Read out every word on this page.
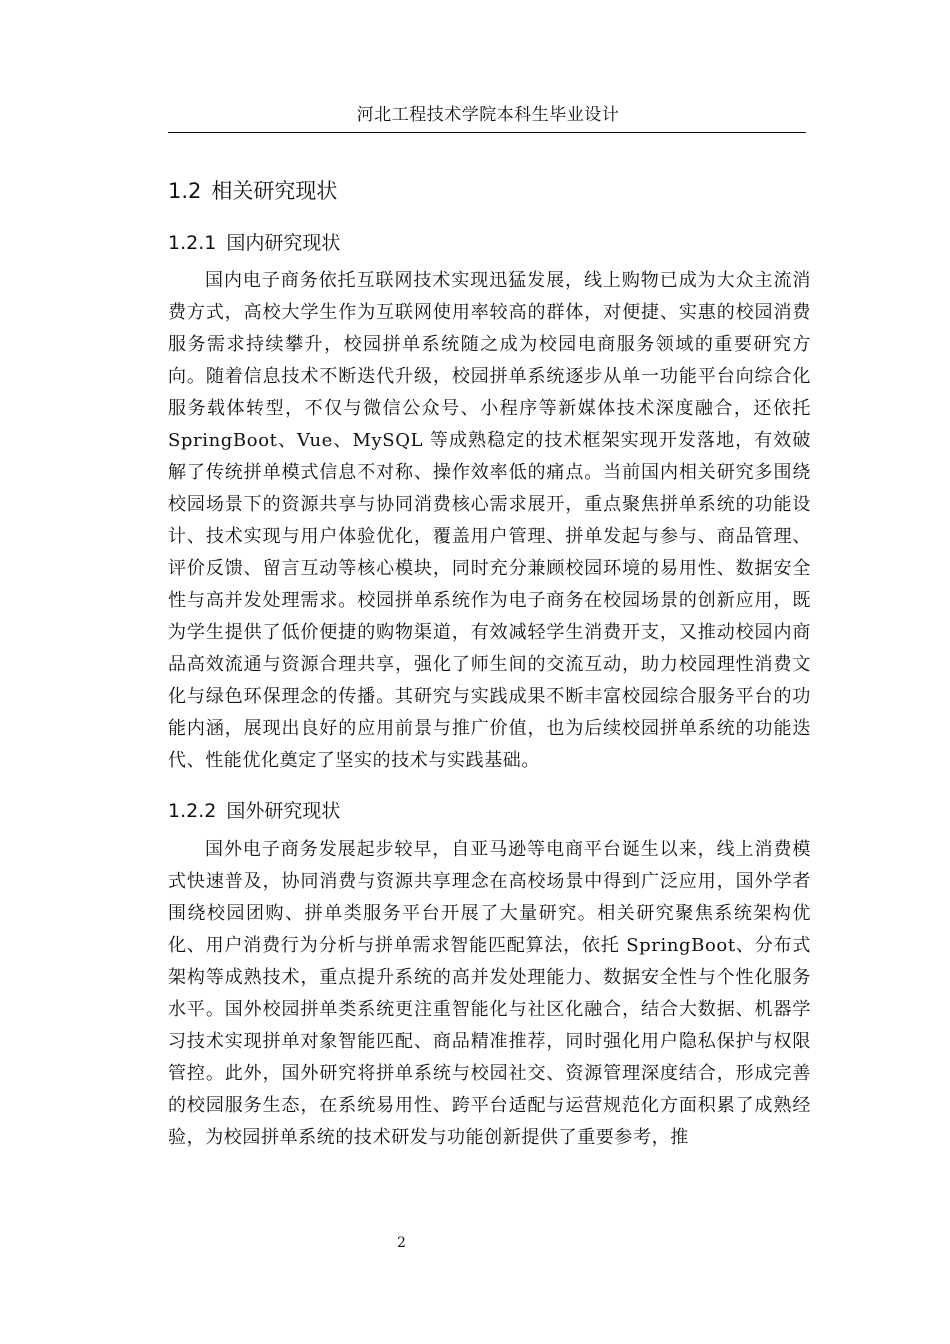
河北工程技术学院本科生毕业设计
1.2 相关研究现状
1.2.1 国内研究现状

国内电子商务依托互联网技术实现迅猛发展，线上购物已成为大众主流消费方式，高校大学生作为互联网使用率较高的群体，对便捷、实惠的校园消费服务需求持续攀升，校园拼单系统随之成为校园电商服务领域的重要研究方向。随着信息技术不断迭代升级，校园拼单系统逐步从单一功能平台向综合化服务载体转型，不仅与微信公众号、小程序等新媒体技术深度融合，还依托 SpringBoot、Vue、MySQL 等成熟稳定的技术框架实现开发落地，有效破解了传统拼单模式信息不对称、操作效率低的痛点。当前国内相关研究多围绕校园场景下的资源共享与协同消费核心需求展开，重点聚焦拼单系统的功能设计、技术实现与用户体验优化，覆盖用户管理、拼单发起与参与、商品管理、评价反馈、留言互动等核心模块，同时充分兼顾校园环境的易用性、数据安全性与高并发处理需求。校园拼单系统作为电子商务在校园场景的创新应用，既为学生提供了低价便捷的购物渠道，有效减轻学生消费开支，又推动校园内商品高效流通与资源合理共享，强化了师生间的交流互动，助力校园理性消费文化与绿色环保理念的传播。其研究与实践成果不断丰富校园综合服务平台的功能内涵，展现出良好的应用前景与推广价值，也为后续校园拼单系统的功能迭代、性能优化奠定了坚实的技术与实践基础。

1.2.2 国外研究现状

国外电子商务发展起步较早，自亚马逊等电商平台诞生以来，线上消费模式快速普及，协同消费与资源共享理念在高校场景中得到广泛应用，国外学者围绕校园团购、拼单类服务平台开展了大量研究。相关研究聚焦系统架构优化、用户消费行为分析与拼单需求智能匹配算法，依托 SpringBoot、分布式架构等成熟技术，重点提升系统的高并发处理能力、数据安全性与个性化服务水平。国外校园拼单类系统更注重智能化与社区化融合，结合大数据、机器学习技术实现拼单对象智能匹配、商品精准推荐，同时强化用户隐私保护与权限管控。此外，国外研究将拼单系统与校园社交、资源管理深度结合，形成完善的校园服务生态，在系统易用性、跨平台适配与运营规范化方面积累了成熟经验，为校园拼单系统的技术研发与功能创新提供了重要参考，推

2
